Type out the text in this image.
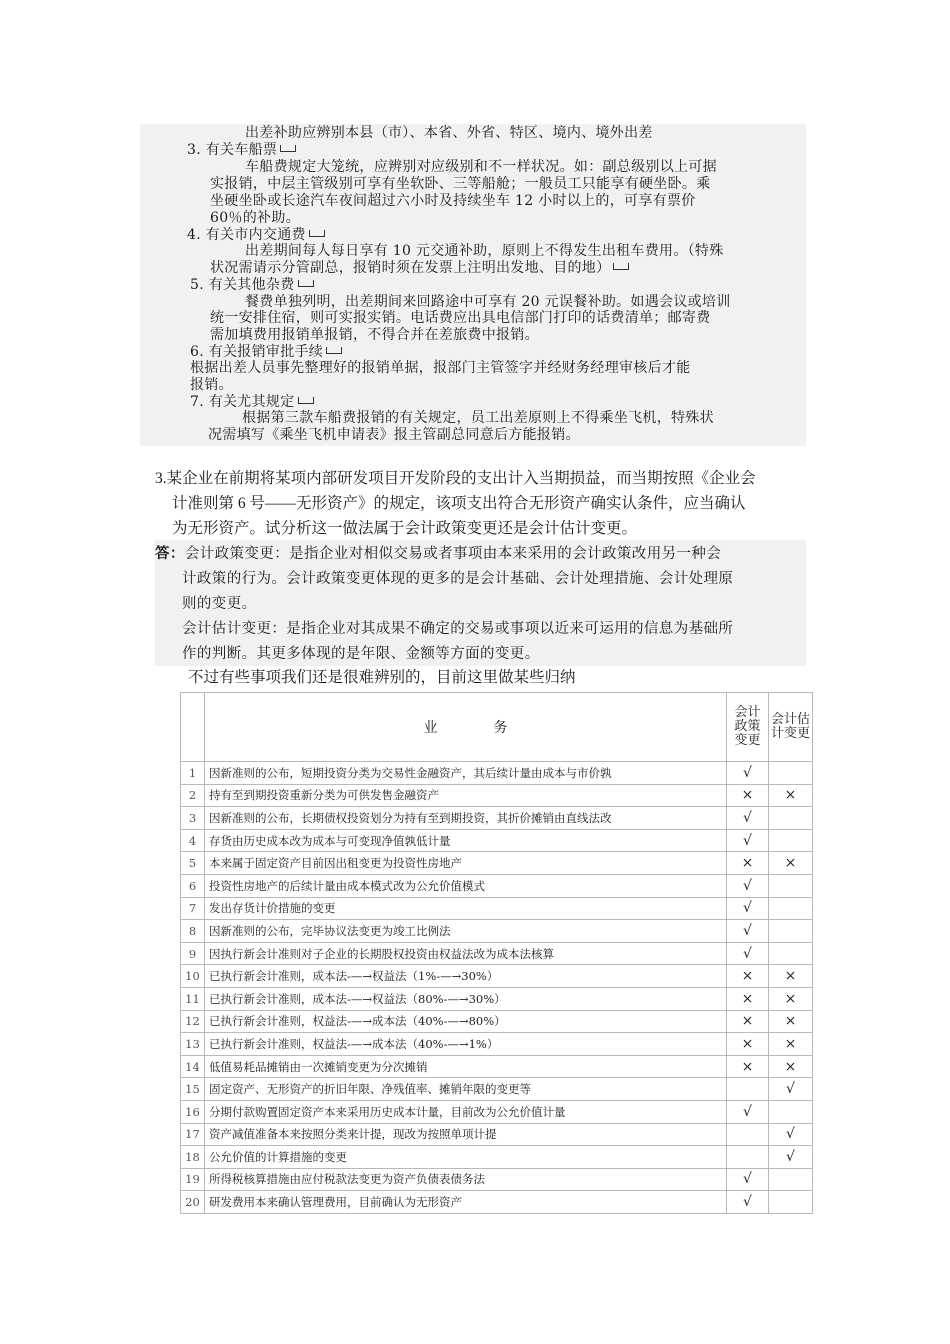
出差补助应辨别本县（市）、本省、外省、特区、境内、境外出差
3. 有关车船票
车船费规定大笼统，应辨别对应级别和不一样状况。如：副总级别以上可据
实报销，中层主管级别可享有坐软卧、三等船舱；一般员工只能享有硬坐卧。乘
坐硬坐卧或长途汽车夜间超过六小时及持续坐车 12 小时以上的，可享有票价
60％的补助。
4. 有关市内交通费
出差期间每人每日享有 10 元交通补助，原则上不得发生出租车费用。（特殊
状况需请示分管副总，报销时须在发票上注明出发地、目的地）
5. 有关其他杂费
餐费单独列明，出差期间来回路途中可享有 20 元误餐补助。如遇会议或培训
统一安排住宿，则可实报实销。电话费应出具电信部门打印的话费清单；邮寄费
需加填费用报销单报销，不得合并在差旅费中报销。
6. 有关报销审批手续
根据出差人员事先整理好的报销单据，报部门主管签字并经财务经理审核后才能
报销。
7. 有关尤其规定
根据第三款车船费报销的有关规定，员工出差原则上不得乘坐飞机，特殊状
况需填写《乘坐飞机申请表》报主管副总同意后方能报销。
3.某企业在前期将某项内部研发项目开发阶段的支出计入当期损益，而当期按照《企业会
计准则第 6 号——无形资产》的规定，该项支出符合无形资产确实认条件，应当确认
为无形资产。试分析这一做法属于会计政策变更还是会计估计变更。
答：会计政策变更：是指企业对相似交易或者事项由本来采用的会计政策改用另一种会
计政策的行为。会计政策变更体现的更多的是会计基础、会计处理措施、会计处理原
则的变更。
会计估计变更：是指企业对其成果不确定的交易或事项以近来可运用的信息为基础所
作的判断。其更多体现的是年限、金额等方面的变更。
不过有些事项我们还是很难辨别的，目前这里做某些归纳
	业　　　　务	会计政策变更	会计估计变更

1	因新准则的公布，短期投资分类为交易性金融资产，其后续计量由成本与市价孰	√	
2	持有至到期投资重新分类为可供发售金融资产	×	×
3	因新准则的公布，长期债权投资划分为持有至到期投资，其折价摊销由直线法改	√	
4	存货由历史成本改为成本与可变现净值孰低计量	√	
5	本来属于固定资产目前因出租变更为投资性房地产	×	×
6	投资性房地产的后续计量由成本模式改为公允价值模式	√	
7	发出存货计价措施的变更	√	
8	因新准则的公布，完毕协议法变更为竣工比例法	√	
9	因执行新会计准则对子企业的长期股权投资由权益法改为成本法核算	√	
10	已执行新会计准则，成本法-—→权益法（1%-—→30%）	×	×
11	已执行新会计准则，成本法-—→权益法（80%-—→30%）	×	×
12	已执行新会计准则，权益法-—→成本法（40%-—→80%）	×	×
13	已执行新会计准则，权益法-—→成本法（40%-—→1%）	×	×
14	低值易耗品摊销由一次摊销变更为分次摊销	×	×
15	固定资产、无形资产的折旧年限、净残值率、摊销年限的变更等		√
16	分期付款购置固定资产本来采用历史成本计量，目前改为公允价值计量	√	
17	资产减值准备本来按照分类来计提，现改为按照单项计提		√
18	公允价值的计算措施的变更		√
19	所得税核算措施由应付税款法变更为资产负债表债务法	√	
20	研发费用本来确认管理费用，目前确认为无形资产	√	
